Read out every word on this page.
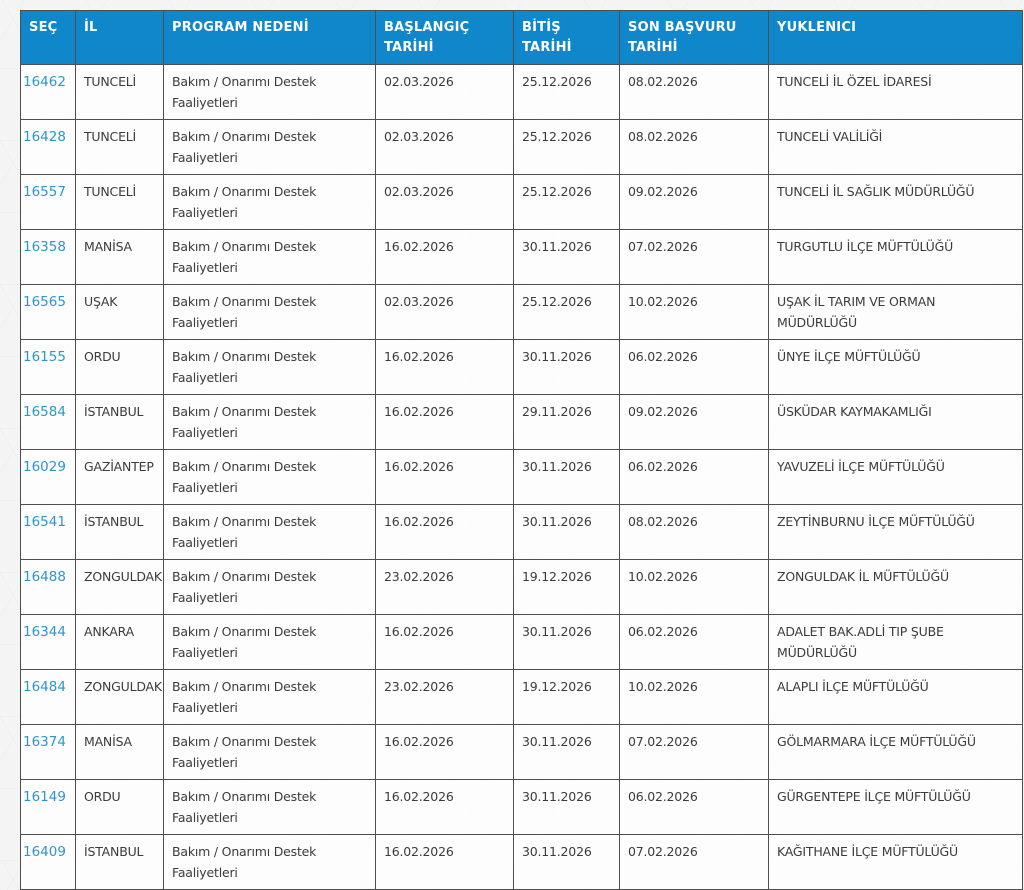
SEÇ	İL	PROGRAM NEDENİ	BAŞLANGIÇ TARİHİ	BİTİŞ TARİHİ	SON BAŞVURU TARİHİ	YUKLENICI
16462	TUNCELİ	Bakım / Onarımı Destek Faaliyetleri	02.03.2026	25.12.2026	08.02.2026	TUNCELİ İL ÖZEL İDARESİ
16428	TUNCELİ	Bakım / Onarımı Destek Faaliyetleri	02.03.2026	25.12.2026	08.02.2026	TUNCELİ VALİLİĞİ
16557	TUNCELİ	Bakım / Onarımı Destek Faaliyetleri	02.03.2026	25.12.2026	09.02.2026	TUNCELİ İL SAĞLIK MÜDÜRLÜĞÜ
16358	MANİSA	Bakım / Onarımı Destek Faaliyetleri	16.02.2026	30.11.2026	07.02.2026	TURGUTLU İLÇE MÜFTÜLÜĞÜ
16565	UŞAK	Bakım / Onarımı Destek Faaliyetleri	02.03.2026	25.12.2026	10.02.2026	UŞAK İL TARIM VE ORMAN MÜDÜRLÜĞÜ
16155	ORDU	Bakım / Onarımı Destek Faaliyetleri	16.02.2026	30.11.2026	06.02.2026	ÜNYE İLÇE MÜFTÜLÜĞÜ
16584	İSTANBUL	Bakım / Onarımı Destek Faaliyetleri	16.02.2026	29.11.2026	09.02.2026	ÜSKÜDAR KAYMAKAMLIĞI
16029	GAZİANTEP	Bakım / Onarımı Destek Faaliyetleri	16.02.2026	30.11.2026	06.02.2026	YAVUZELİ İLÇE MÜFTÜLÜĞÜ
16541	İSTANBUL	Bakım / Onarımı Destek Faaliyetleri	16.02.2026	30.11.2026	08.02.2026	ZEYTİNBURNU İLÇE MÜFTÜLÜĞÜ
16488	ZONGULDAK	Bakım / Onarımı Destek Faaliyetleri	23.02.2026	19.12.2026	10.02.2026	ZONGULDAK İL MÜFTÜLÜĞÜ
16344	ANKARA	Bakım / Onarımı Destek Faaliyetleri	16.02.2026	30.11.2026	06.02.2026	ADALET BAK.ADLİ TIP ŞUBE MÜDÜRLÜĞÜ
16484	ZONGULDAK	Bakım / Onarımı Destek Faaliyetleri	23.02.2026	19.12.2026	10.02.2026	ALAPLI İLÇE MÜFTÜLÜĞÜ
16374	MANİSA	Bakım / Onarımı Destek Faaliyetleri	16.02.2026	30.11.2026	07.02.2026	GÖLMARMARA İLÇE MÜFTÜLÜĞÜ
16149	ORDU	Bakım / Onarımı Destek Faaliyetleri	16.02.2026	30.11.2026	06.02.2026	GÜRGENTEPE İLÇE MÜFTÜLÜĞÜ
16409	İSTANBUL	Bakım / Onarımı Destek Faaliyetleri	16.02.2026	30.11.2026	07.02.2026	KAĞITHANE İLÇE MÜFTÜLÜĞÜ
